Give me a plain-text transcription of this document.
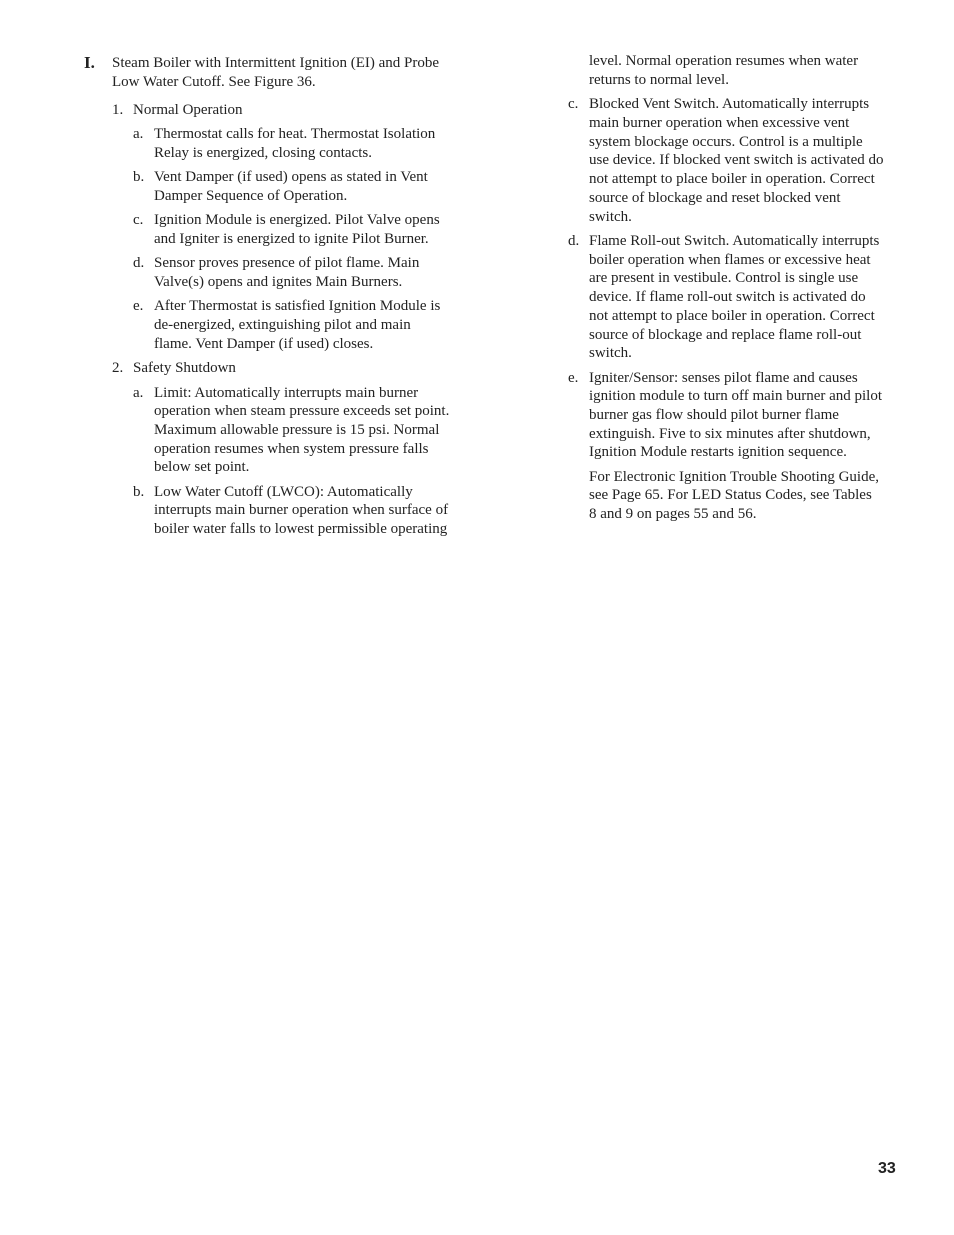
I. Steam Boiler with Intermittent Ignition (EI) and Probe
Low Water Cutoff. See Figure 36.
1. Normal Operation
a. Thermostat calls for heat. Thermostat Isolation
Relay is energized, closing contacts.
b. Vent Damper (if used) opens as stated in Vent
Damper Sequence of Operation.
c. Ignition Module is energized. Pilot Valve opens
and Igniter is energized to ignite Pilot Burner.
d. Sensor proves presence of pilot flame. Main
Valve(s) opens and ignites Main Burners.
e. After Thermostat is satisfied Ignition Module is
de-energized, extinguishing pilot and main
flame. Vent Damper (if used) closes.
2. Safety Shutdown
a. Limit: Automatically interrupts main burner
operation when steam pressure exceeds set point.
Maximum allowable pressure is 15 psi. Normal
operation resumes when system pressure falls
below set point.
b. Low Water Cutoff (LWCO): Automatically
interrupts main burner operation when surface of
boiler water falls to lowest permissible operating
level. Normal operation resumes when water
returns to normal level.
c. Blocked Vent Switch. Automatically interrupts
main burner operation when excessive vent
system blockage occurs. Control is a multiple
use device. If blocked vent switch is activated do
not attempt to place boiler in operation. Correct
source of blockage and reset blocked vent
switch.
d. Flame Roll-out Switch. Automatically interrupts
boiler operation when flames or excessive heat
are present in vestibule. Control is single use
device. If flame roll-out switch is activated do
not attempt to place boiler in operation. Correct
source of blockage and replace flame roll-out
switch.
e. Igniter/Sensor: senses pilot flame and causes
ignition module to turn off main burner and pilot
burner gas flow should pilot burner flame
extinguish. Five to six minutes after shutdown,
Ignition Module restarts ignition sequence.
For Electronic Ignition Trouble Shooting Guide,
see Page 65. For LED Status Codes, see Tables
8 and 9 on pages 55 and 56.
33
